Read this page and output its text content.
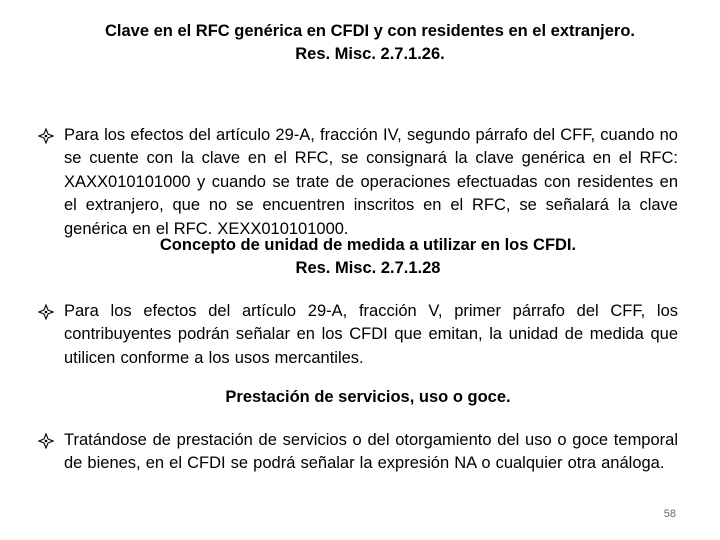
Clave en el RFC genérica en CFDI y con residentes en el extranjero.
Res. Misc. 2.7.1.26.
Para los efectos del artículo 29-A, fracción IV, segundo párrafo del CFF, cuando no se cuente con la clave en el RFC, se consignará la clave genérica en el RFC: XAXX010101000 y cuando se trate de operaciones efectuadas con residentes en el extranjero, que no se encuentren inscritos en el RFC, se señalará la clave genérica en el RFC. XEXX010101000.
Concepto de unidad de medida a utilizar en los CFDI.
Res. Misc. 2.7.1.28
Para los efectos del artículo 29-A, fracción V, primer párrafo del CFF, los contribuyentes podrán señalar en los CFDI que emitan, la unidad de medida que utilicen conforme a los usos mercantiles.
Prestación de servicios, uso o goce.
Tratándose de prestación de servicios o del otorgamiento del uso o goce temporal de bienes, en el CFDI se podrá señalar la expresión NA o cualquier otra análoga.
58
